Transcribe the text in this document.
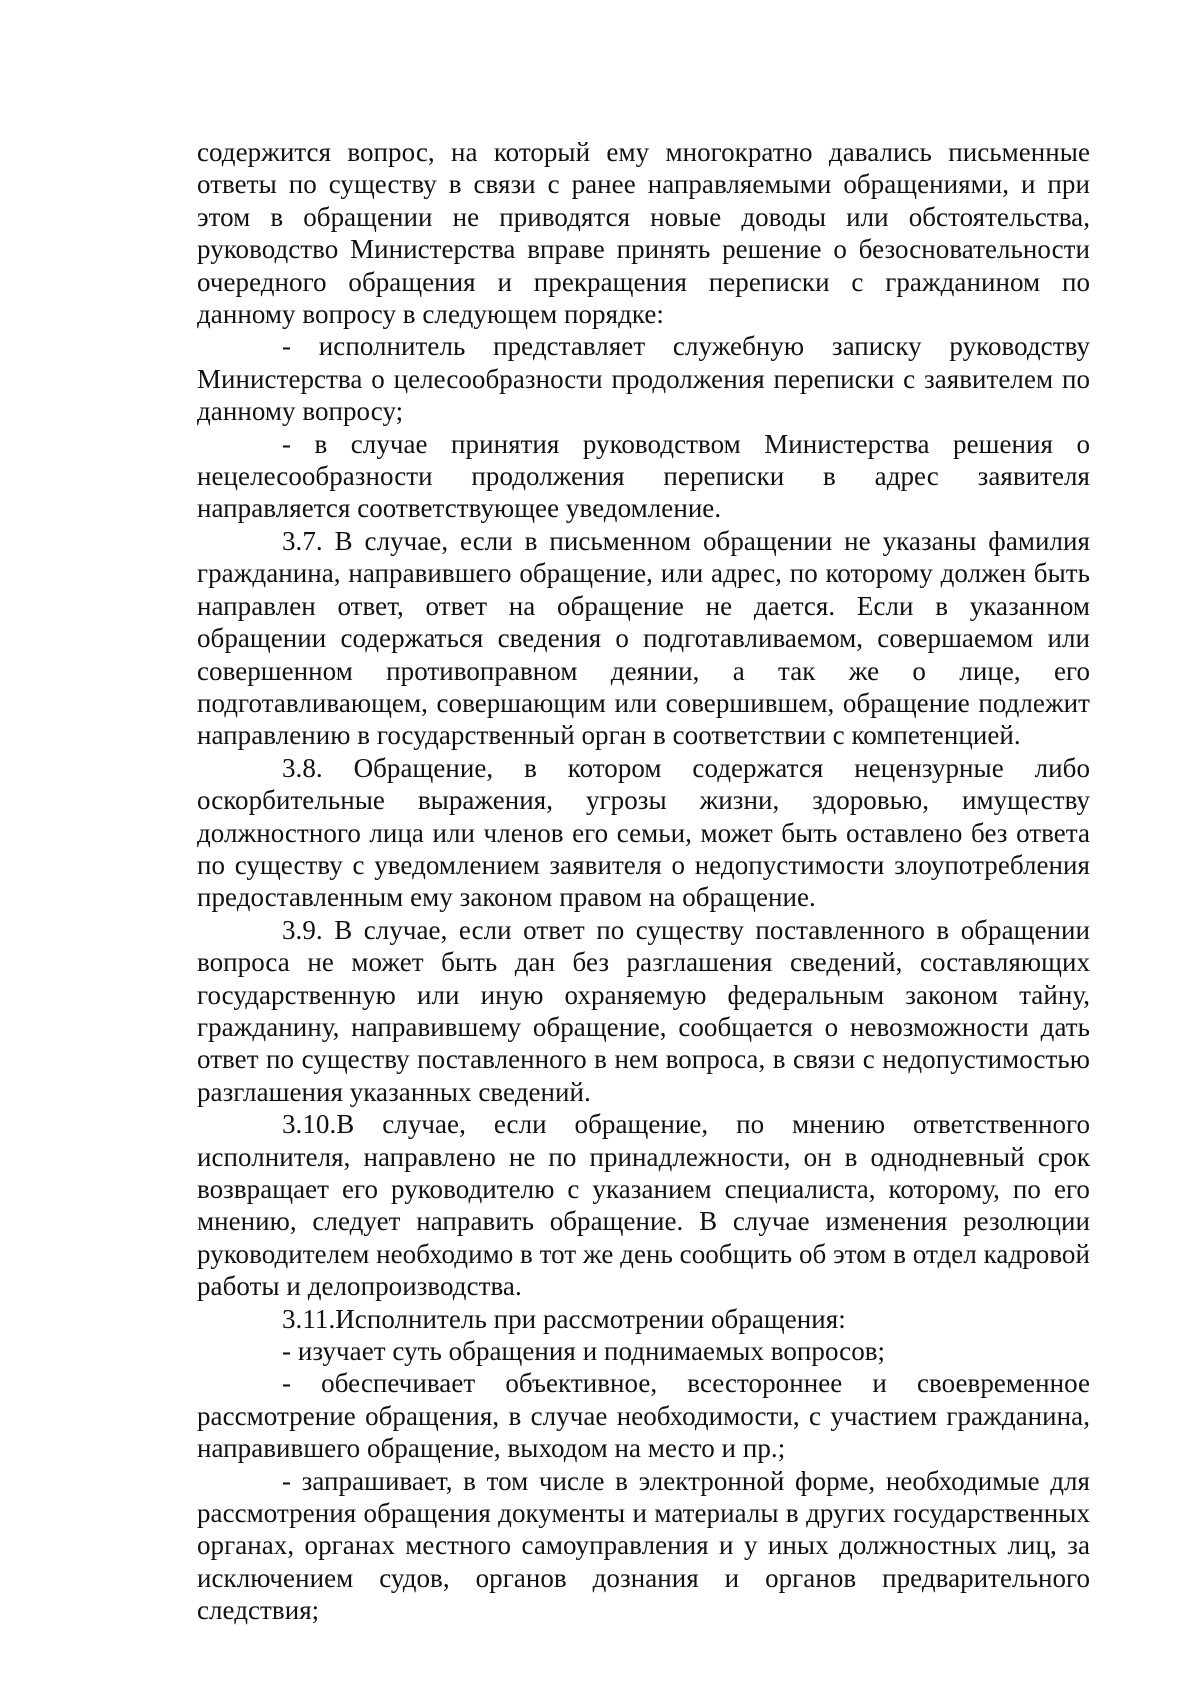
содержится вопрос, на который ему многократно давались письменные ответы по существу в связи с ранее направляемыми обращениями, и при этом в обращении не приводятся новые доводы или обстоятельства, руководство Министерства вправе принять решение о безосновательности очередного обращения и прекращения переписки с гражданином по данному вопросу в следующем порядке:

- исполнитель представляет служебную записку руководству Министерства о целесообразности продолжения переписки с заявителем по данному вопросу;

- в случае принятия руководством Министерства решения о нецелесообразности продолжения переписки в адрес заявителя направляется соответствующее уведомление.

3.7. В случае, если в письменном обращении не указаны фамилия гражданина, направившего обращение, или адрес, по которому должен быть направлен ответ, ответ на обращение не дается. Если в указанном обращении содержаться сведения о подготавливаемом, совершаемом или совершенном противоправном деянии, а так же о лице, его подготавливающем, совершающим или совершившем, обращение подлежит направлению в государственный орган в соответствии с компетенцией.

3.8. Обращение, в котором содержатся нецензурные либо оскорбительные выражения, угрозы жизни, здоровью, имуществу должностного лица или членов его семьи, может быть оставлено без ответа по существу с уведомлением заявителя о недопустимости злоупотребления предоставленным ему законом правом на обращение.

3.9. В случае, если ответ по существу поставленного в обращении вопроса не может быть дан без разглашения сведений, составляющих государственную или иную охраняемую федеральным законом тайну, гражданину, направившему обращение, сообщается о невозможности дать ответ по существу поставленного в нем вопроса, в связи с недопустимостью разглашения указанных сведений.

3.10.В случае, если обращение, по мнению ответственного исполнителя, направлено не по принадлежности, он в однодневный срок возвращает его руководителю с указанием специалиста, которому, по его мнению, следует направить обращение. В случае изменения резолюции руководителем необходимо в тот же день сообщить об этом в отдел кадровой работы и делопроизводства.

3.11.Исполнитель при рассмотрении обращения:

- изучает суть обращения и поднимаемых вопросов;

- обеспечивает объективное, всестороннее и своевременное рассмотрение обращения, в случае необходимости, с участием гражданина, направившего обращение, выходом на место и пр.;

- запрашивает, в том числе в электронной форме, необходимые для рассмотрения обращения документы и материалы в других государственных органах, органах местного самоуправления и у иных должностных лиц, за исключением судов, органов дознания и органов предварительного следствия;
